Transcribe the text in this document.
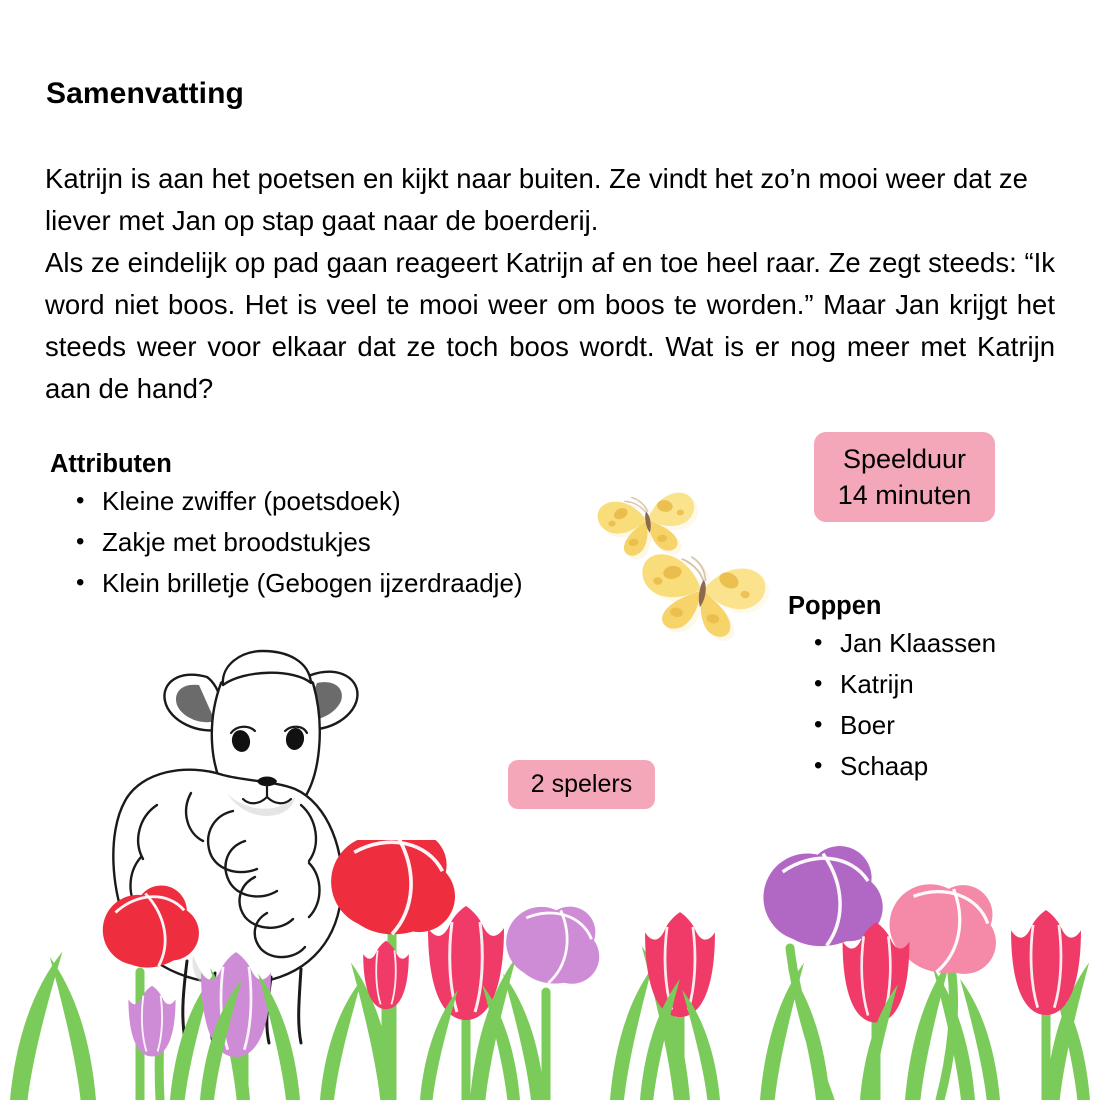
Samenvatting

Katrijn is aan het poetsen en kijkt naar buiten. Ze vindt het zo’n mooi weer dat ze liever met Jan op stap gaat naar de boerderij.

Als ze eindelijk op pad gaan reageert Katrijn af en toe heel raar. Ze zegt steeds: “Ik word niet boos. Het is veel te mooi weer om boos te worden.” Maar Jan krijgt het steeds weer voor elkaar dat ze toch boos wordt. Wat is er nog meer met Katrijn aan de hand?

Attributen
• Kleine zwiffer (poetsdoek)
• Zakje met broodstukjes
• Klein brilletje (Gebogen ijzerdraadje)
Poppen
• Jan Klaassen
• Katrijn
• Boer
• Schaap
Speelduur
14 minuten
2 spelers
